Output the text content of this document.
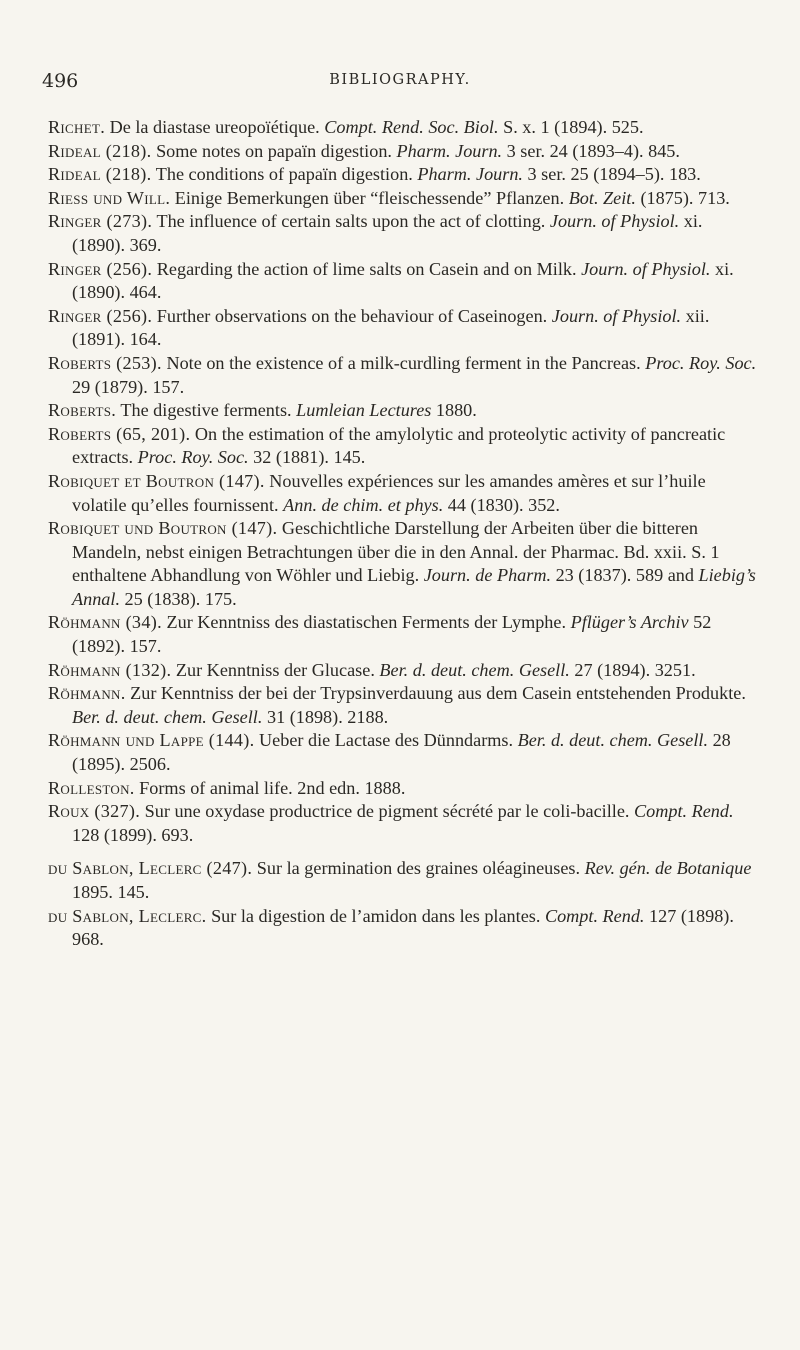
496	BIBLIOGRAPHY.
Richet. De la diastase ureopoïétique. Compt. Rend. Soc. Biol. S. x. 1 (1894). 525.
Rideal (218). Some notes on papaïn digestion. Pharm. Journ. 3 ser. 24 (1893–4). 845.
Rideal (218). The conditions of papaïn digestion. Pharm. Journ. 3 ser. 25 (1894–5). 183.
Riess und Will. Einige Bemerkungen über “fleischessende” Pflanzen. Bot. Zeit. (1875). 713.
Ringer (273). The influence of certain salts upon the act of clotting. Journ. of Physiol. xi. (1890). 369.
Ringer (256). Regarding the action of lime salts on Casein and on Milk. Journ. of Physiol. xi. (1890). 464.
Ringer (256). Further observations on the behaviour of Caseinogen. Journ. of Physiol. xii. (1891). 164.
Roberts (253). Note on the existence of a milk-curdling ferment in the Pancreas. Proc. Roy. Soc. 29 (1879). 157.
Roberts. The digestive ferments. Lumleian Lectures 1880.
Roberts (65, 201). On the estimation of the amylolytic and proteolytic activity of pancreatic extracts. Proc. Roy. Soc. 32 (1881). 145.
Robiquet et Boutron (147). Nouvelles expériences sur les amandes amères et sur l’huile volatile qu’elles fournissent. Ann. de chim. et phys. 44 (1830). 352.
Robiquet und Boutron (147). Geschichtliche Darstellung der Arbeiten über die bitteren Mandeln, nebst einigen Betrachtungen über die in den Annal. der Pharmac. Bd. xxii. S. 1 enthaltene Abhandlung von Wöhler und Liebig. Journ. de Pharm. 23 (1837). 589 and Liebig’s Annal. 25 (1838). 175.
Röhmann (34). Zur Kenntniss des diastatischen Ferments der Lymphe. Pflüger’s Archiv 52 (1892). 157.
Röhmann (132). Zur Kenntniss der Glucase. Ber. d. deut. chem. Gesell. 27 (1894). 3251.
Röhmann. Zur Kenntniss der bei der Trypsinverdauung aus dem Casein entstehenden Produkte. Ber. d. deut. chem. Gesell. 31 (1898). 2188.
Röhmann und Lappe (144). Ueber die Lactase des Dünndarms. Ber. d. deut. chem. Gesell. 28 (1895). 2506.
Rolleston. Forms of animal life. 2nd edn. 1888.
Roux (327). Sur une oxydase productrice de pigment sécrété par le coli-bacille. Compt. Rend. 128 (1899). 693.
du Sablon, Leclerc (247). Sur la germination des graines oléagineuses. Rev. gén. de Botanique 1895. 145.
du Sablon, Leclerc. Sur la digestion de l’amidon dans les plantes. Compt. Rend. 127 (1898). 968.
